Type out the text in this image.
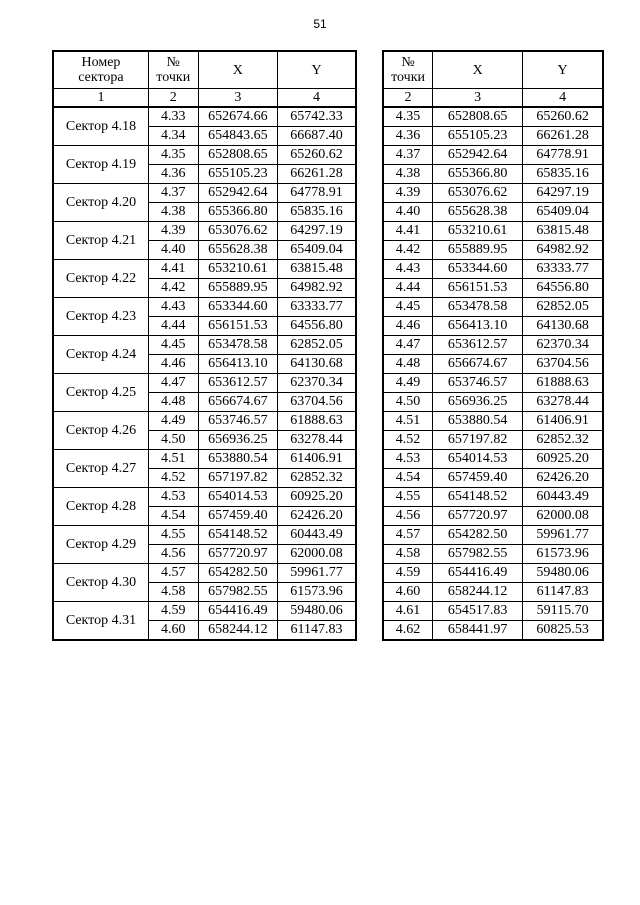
51
Номер
сектора	№
точки	X	Y
1	2	3	4
Сектор 4.18	4.33	652674.66	65742.33
	4.34	654843.65	66687.40
Сектор 4.19	4.35	652808.65	65260.62
	4.36	655105.23	66261.28
Сектор 4.20	4.37	652942.64	64778.91
	4.38	655366.80	65835.16
Сектор 4.21	4.39	653076.62	64297.19
	4.40	655628.38	65409.04
Сектор 4.22	4.41	653210.61	63815.48
	4.42	655889.95	64982.92
Сектор 4.23	4.43	653344.60	63333.77
	4.44	656151.53	64556.80
Сектор 4.24	4.45	653478.58	62852.05
	4.46	656413.10	64130.68
Сектор 4.25	4.47	653612.57	62370.34
	4.48	656674.67	63704.56
Сектор 4.26	4.49	653746.57	61888.63
	4.50	656936.25	63278.44
Сектор 4.27	4.51	653880.54	61406.91
	4.52	657197.82	62852.32
Сектор 4.28	4.53	654014.53	60925.20
	4.54	657459.40	62426.20
Сектор 4.29	4.55	654148.52	60443.49
	4.56	657720.97	62000.08
Сектор 4.30	4.57	654282.50	59961.77
	4.58	657982.55	61573.96
Сектор 4.31	4.59	654416.49	59480.06
	4.60	658244.12	61147.83
№
точки	X	Y
2	3	4
4.35	652808.65	65260.62
4.36	655105.23	66261.28
4.37	652942.64	64778.91
4.38	655366.80	65835.16
4.39	653076.62	64297.19
4.40	655628.38	65409.04
4.41	653210.61	63815.48
4.42	655889.95	64982.92
4.43	653344.60	63333.77
4.44	656151.53	64556.80
4.45	653478.58	62852.05
4.46	656413.10	64130.68
4.47	653612.57	62370.34
4.48	656674.67	63704.56
4.49	653746.57	61888.63
4.50	656936.25	63278.44
4.51	653880.54	61406.91
4.52	657197.82	62852.32
4.53	654014.53	60925.20
4.54	657459.40	62426.20
4.55	654148.52	60443.49
4.56	657720.97	62000.08
4.57	654282.50	59961.77
4.58	657982.55	61573.96
4.59	654416.49	59480.06
4.60	658244.12	61147.83
4.61	654517.83	59115.70
4.62	658441.97	60825.53
